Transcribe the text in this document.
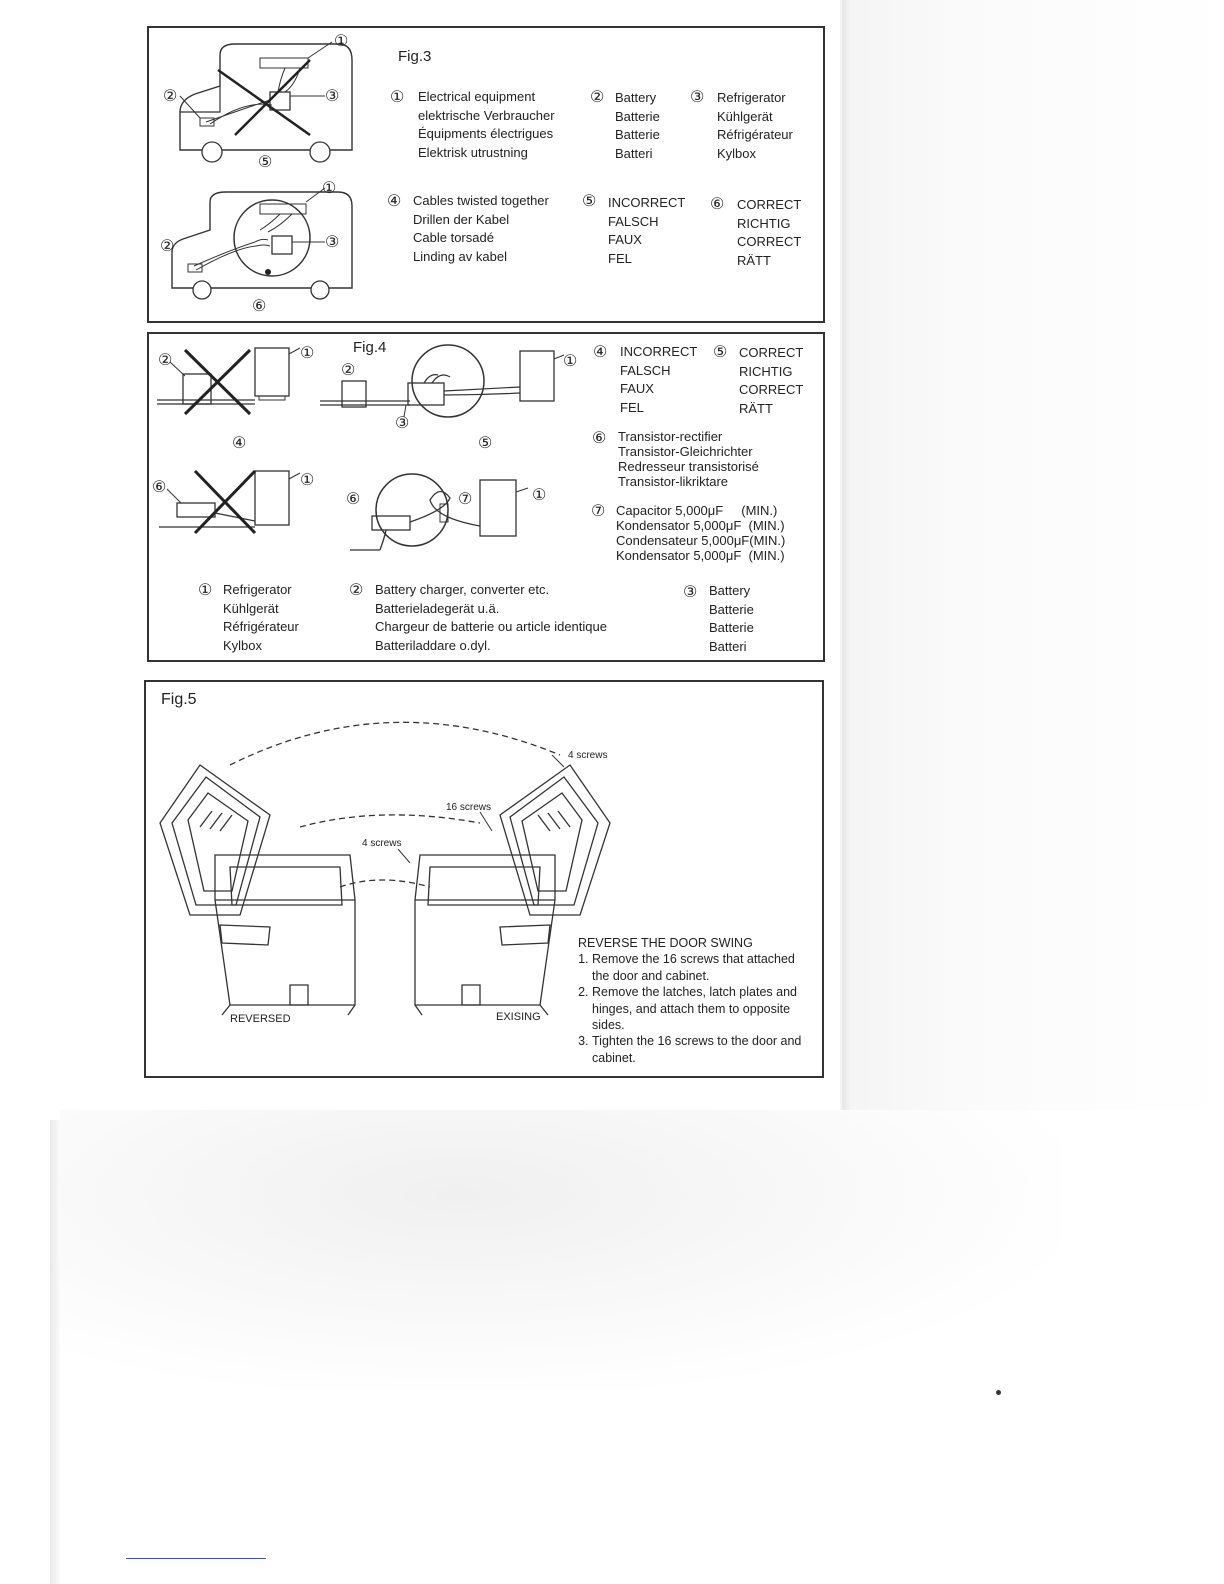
Fig.3
①
②	③
⑤
①
②	③
⑥
① Electrical equipment
elektrische Verbraucher
Équipments électrigues
Elektrisk utrustning
② Battery
Batterie
Batterie
Batteri
③ Refrigerator
Kühlgerät
Réfrigérateur
Kylbox
④ Cables twisted together
Drillen der Kabel
Cable torsadé
Linding av kabel
⑤ INCORRECT
FALSCH
FAUX
FEL
⑥ CORRECT
RICHTIG
CORRECT
RÄTT
Fig.4
②	①
④
②
①
③
⑤
⑥	①
⑥	⑦	①
④ INCORRECT
FALSCH
FAUX
FEL
⑤ CORRECT
RICHTIG
CORRECT
RÄTT
⑥ Transistor-rectifier
Transistor-Gleichrichter
Redresseur transistorisé
Transistor-likriktare
⑦ Capacitor 5,000μF     (MIN.)
Kondensator 5,000μF  (MIN.)
Condensateur 5,000μF(MIN.)
Kondensator 5,000μF  (MIN.)
① Refrigerator
Kühlgerät
Réfrigérateur
Kylbox
② Battery charger, converter etc.
Batterieladegerät u.ä.
Chargeur de batterie ou article identique
Batteriladdare o.dyl.
③ Battery
Batterie
Batterie
Batteri
Fig.5
4 screws
16 screws
4 screws
REVERSED	EXISING
REVERSE THE DOOR SWING
1. Remove the 16 screws that attached the door and cabinet.
2. Remove the latches, latch plates and hinges, and attach them to opposite sides.
3. Tighten the 16 screws to the door and cabinet.
